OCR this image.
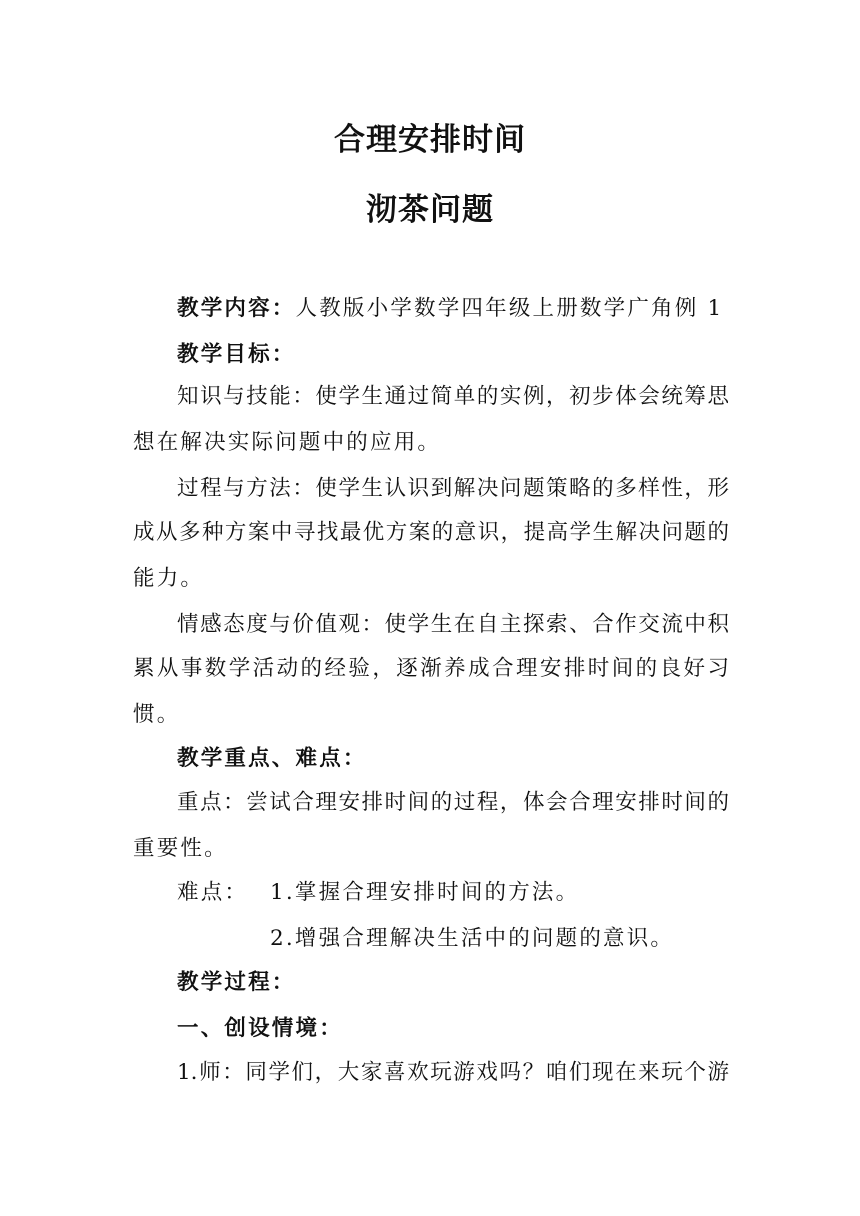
合理安排时间
沏茶问题
教学内容：人教版小学数学四年级上册数学广角例 1
教学目标：
知识与技能：使学生通过简单的实例，初步体会统筹思
想在解决实际问题中的应用。
过程与方法：使学生认识到解决问题策略的多样性，形
成从多种方案中寻找最优方案的意识，提高学生解决问题的
能力。
情感态度与价值观：使学生在自主探索、合作交流中积
累从事数学活动的经验，逐渐养成合理安排时间的良好习
惯。
教学重点、难点：
重点：尝试合理安排时间的过程，体会合理安排时间的
重要性。
难点：	1.掌握合理安排时间的方法。
2.增强合理解决生活中的问题的意识。
教学过程：
一、创设情境：
1.师：同学们，大家喜欢玩游戏吗？咱们现在来玩个游
